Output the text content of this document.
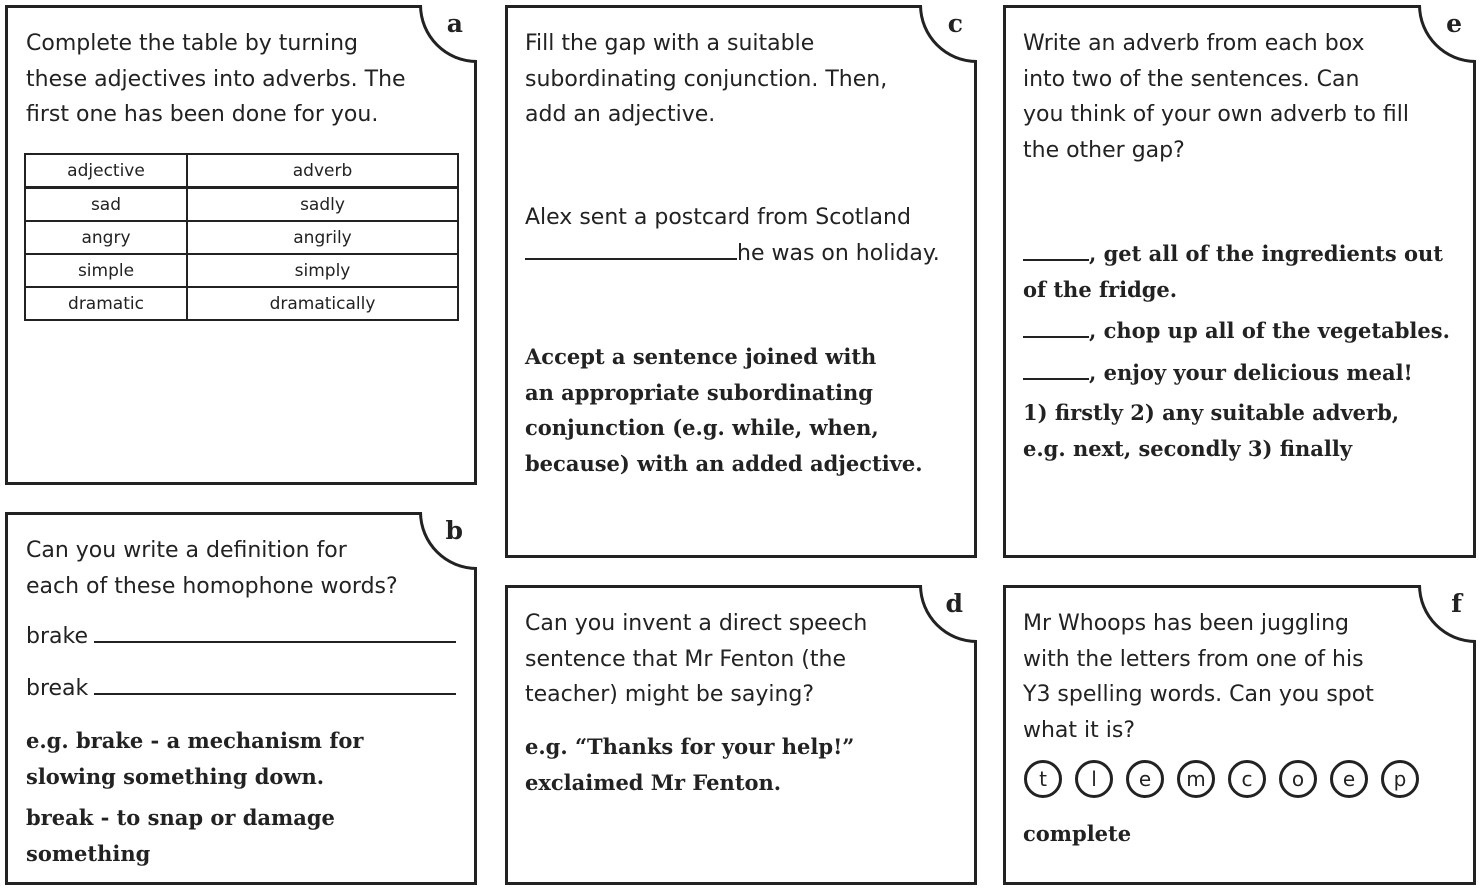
a
Complete the table by turning
these adjectives into adverbs. The
first one has been done for you.
adjective	adverb
sad	sadly
angry	angrily
simple	simply
dramatic	dramatically
b
Can you write a definition for
each of these homophone words?
brake
break
e.g. brake - a mechanism for
slowing something down.
break - to snap or damage
something
c
Fill the gap with a suitable
subordinating conjunction. Then,
add an adjective.
Alex sent a postcard from Scotland
he was on holiday.
Accept a sentence joined with
an appropriate subordinating
conjunction (e.g. while, when,
because) with an added adjective.
d
Can you invent a direct speech
sentence that Mr Fenton (the
teacher) might be saying?
e.g. “Thanks for your help!”
exclaimed Mr Fenton.
e
Write an adverb from each box
into two of the sentences. Can
you think of your own adverb to fill
the other gap?
, get all of the ingredients out
of the fridge.
, chop up all of the vegetables.
, enjoy your delicious meal!
1) firstly 2) any suitable adverb,
e.g. next, secondly 3) finally
f
Mr Whoops has been juggling
with the letters from one of his
Y3 spelling words. Can you spot
what it is?
t	l	e	m	c	o	e	p
complete
